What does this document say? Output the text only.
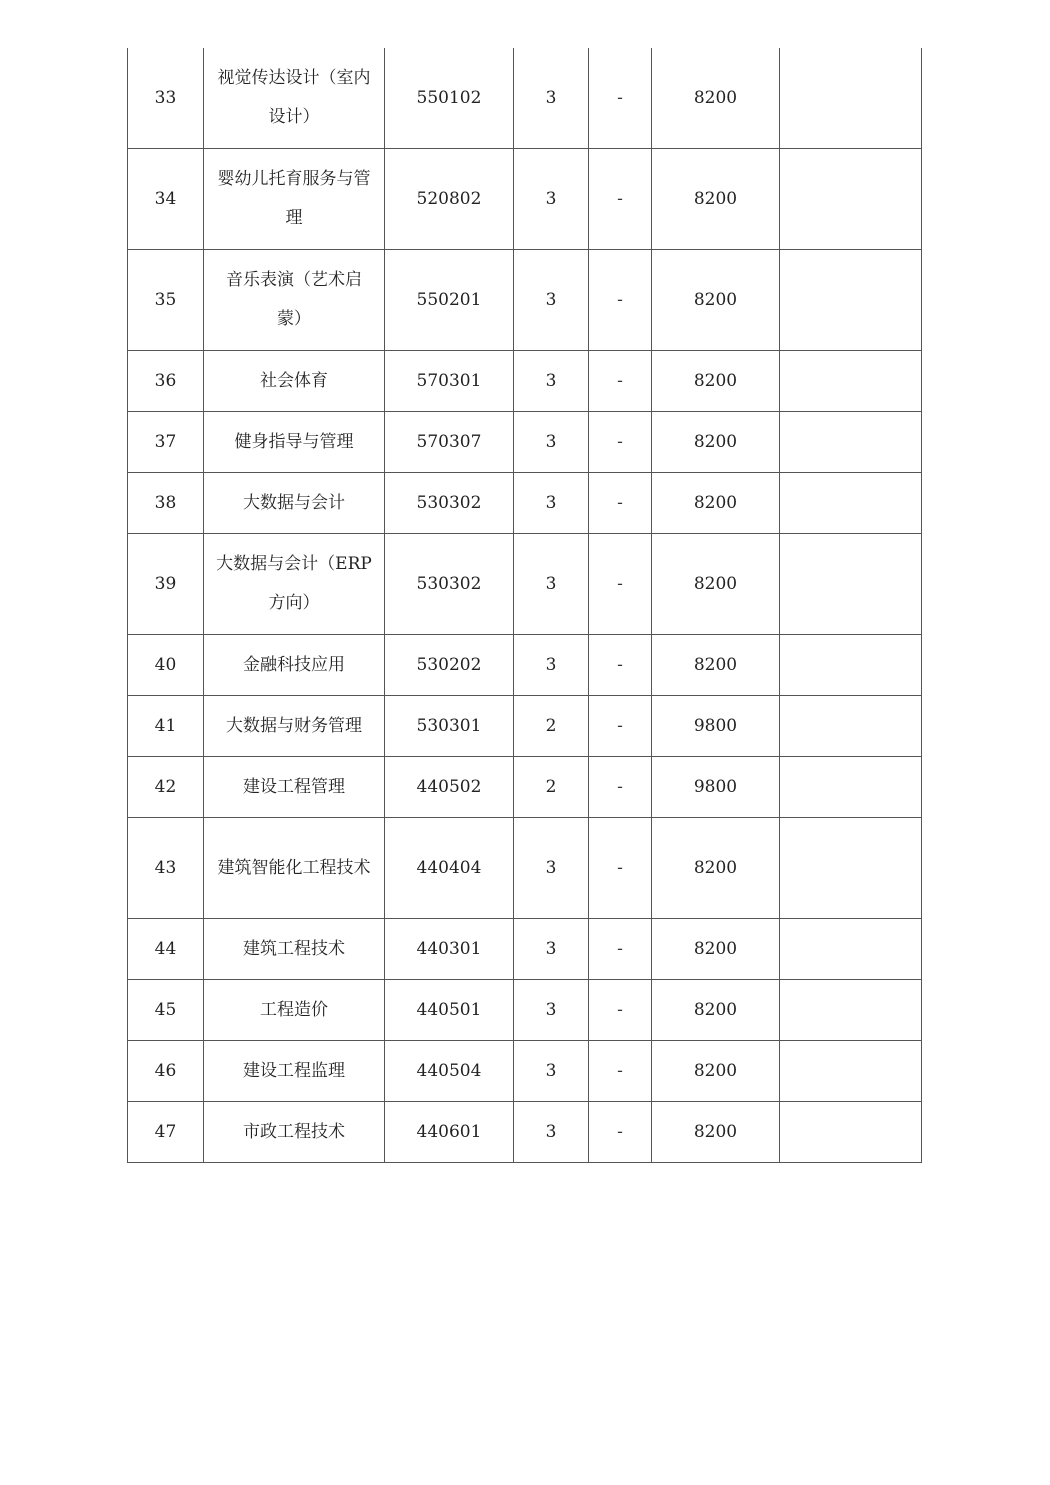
33	视觉传达设计（室内设计）	550102	3	-	8200	
34	婴幼儿托育服务与管理	520802	3	-	8200	
35	音乐表演（艺术启蒙）	550201	3	-	8200	
36	社会体育	570301	3	-	8200	
37	健身指导与管理	570307	3	-	8200	
38	大数据与会计	530302	3	-	8200	
39	大数据与会计（ERP方向）	530302	3	-	8200	
40	金融科技应用	530202	3	-	8200	
41	大数据与财务管理	530301	2	-	9800	
42	建设工程管理	440502	2	-	9800	
43	建筑智能化工程技术	440404	3	-	8200	
44	建筑工程技术	440301	3	-	8200	
45	工程造价	440501	3	-	8200	
46	建设工程监理	440504	3	-	8200	
47	市政工程技术	440601	3	-	8200	
